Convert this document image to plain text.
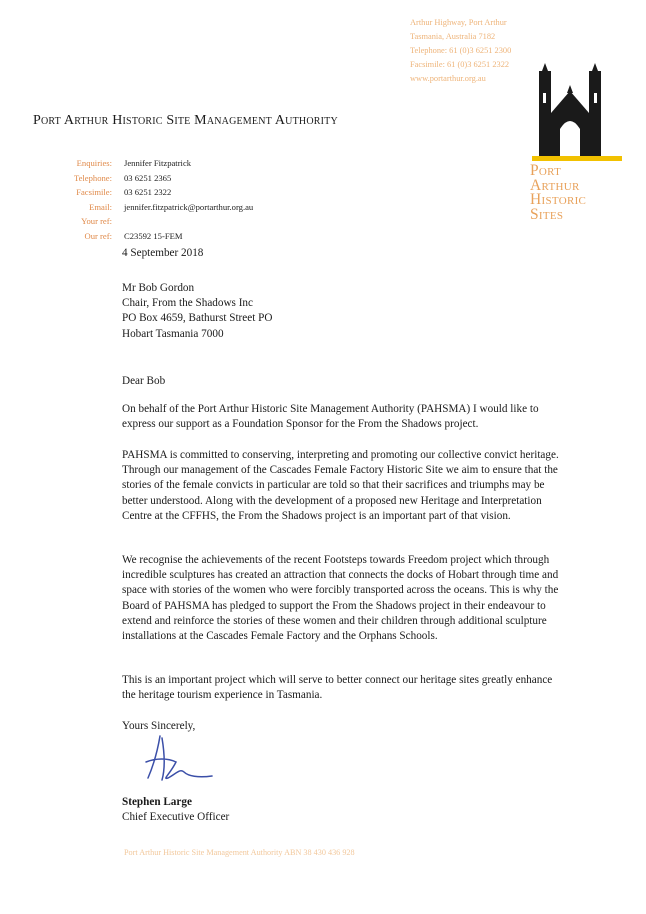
Arthur Highway, Port Arthur
Tasmania, Australia 7182
Telephone: 61 (0)3 6251 2300
Facsimile: 61 (0)3 6251 2322
www.portarthur.org.au
Port Arthur Historic Site Management Authority
Port
Arthur
Historic
Sites
Enquiries: Jennifer Fitzpatrick
Telephone: 03 6251 2365
Facsimile: 03 6251 2322
Email: jennifer.fitzpatrick@portarthur.org.au
Your ref:
Our ref: C23592 15-FEM
4 September 2018
Mr Bob Gordon
Chair, From the Shadows Inc
PO Box 4659, Bathurst Street PO
Hobart Tasmania 7000
Dear Bob

On behalf of the Port Arthur Historic Site Management Authority (PAHSMA) I would like to express our support as a Foundation Sponsor for the From the Shadows project.

PAHSMA is committed to conserving, interpreting and promoting our collective convict heritage. Through our management of the Cascades Female Factory Historic Site we aim to ensure that the stories of the female convicts in particular are told so that their sacrifices and triumphs may be better understood. Along with the development of a proposed new Heritage and Interpretation Centre at the CFFHS, the From the Shadows project is an important part of that vision.

We recognise the achievements of the recent Footsteps towards Freedom project which through incredible sculptures has created an attraction that connects the docks of Hobart through time and space with stories of the women who were forcibly transported across the oceans. This is why the Board of PAHSMA has pledged to support the From the Shadows project in their endeavour to extend and reinforce the stories of these women and their children through additional sculpture installations at the Cascades Female Factory and the Orphans Schools.

This is an important project which will serve to better connect our heritage sites greatly enhance the heritage tourism experience in Tasmania.

Yours Sincerely,
Stephen Large
Chief Executive Officer
Port Arthur Historic Site Management Authority ABN 38 430 436 928
